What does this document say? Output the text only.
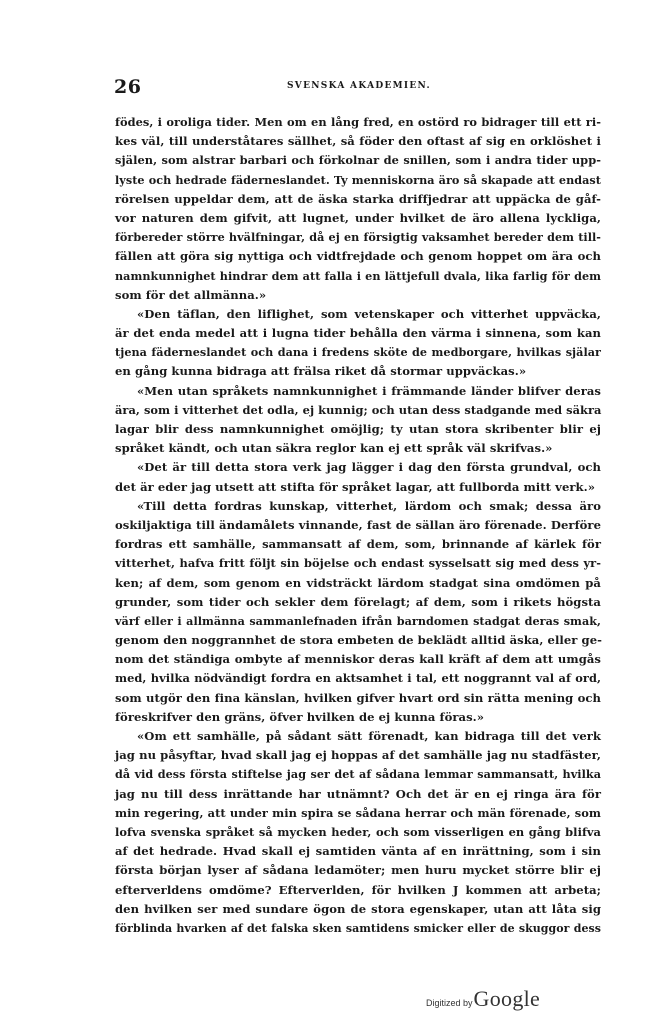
26	SVENSKA AKADEMIEN.
födes, i oroliga tider. Men om en lång fred, en ostörd ro bidrager till ett ri-
kes väl, till underståtares sällhet, så föder den oftast af sig en orklöshet i
själen, som alstrar barbari och förkolnar de snillen, som i andra tider upp-
lyste och hedrade fäderneslandet. Ty menniskorna äro så skapade att endast
rörelsen uppeldar dem, att de äska starka driffjedrar att uppäcka de gåf-
vor naturen dem gifvit, att lugnet, under hvilket de äro allena lyckliga,
förbereder större hvälfningar, då ej en försigtig vaksamhet bereder dem till-
fällen att göra sig nyttiga och vidtfrejdade och genom hoppet om ära och
namnkunnighet hindrar dem att falla i en lättjefull dvala, lika farlig för dem
som för det allmänna.»
«Den täflan, den liflighet, som vetenskaper och vitterhet uppväcka,
är det enda medel att i lugna tider behålla den värma i sinnena, som kan
tjena fäderneslandet och dana i fredens sköte de medborgare, hvilkas själar
en gång kunna bidraga att frälsa riket då stormar uppväckas.»
«Men utan språkets namnkunnighet i främmande länder blifver deras
ära, som i vitterhet det odla, ej kunnig; och utan dess stadgande med säkra
lagar blir dess namnkunnighet omöjlig; ty utan stora skribenter blir ej
språket kändt, och utan säkra reglor kan ej ett språk väl skrifvas.»
«Det är till detta stora verk jag lägger i dag den första grundval, och
det är eder jag utsett att stifta för språket lagar, att fullborda mitt verk.»
«Till detta fordras kunskap, vitterhet, lärdom och smak; dessa äro
oskiljaktiga till ändamålets vinnande, fast de sällan äro förenade. Derföre
fordras ett samhälle, sammansatt af dem, som, brinnande af kärlek för
vitterhet, hafva fritt följt sin böjelse och endast sysselsatt sig med dess yr-
ken; af dem, som genom en vidsträckt lärdom stadgat sina omdömen på
grunder, som tider och sekler dem förelagt; af dem, som i rikets högsta
värf eller i allmänna sammanlefnaden ifrån barndomen stadgat deras smak,
genom den noggrannhet de stora embeten de beklädt alltid äska, eller ge-
nom det ständiga ombyte af menniskor deras kall kräft af dem att umgås
med, hvilka nödvändigt fordra en aktsamhet i tal, ett noggrannt val af ord,
som utgör den fina känslan, hvilken gifver hvart ord sin rätta mening och
föreskrifver den gräns, öfver hvilken de ej kunna föras.»
«Om ett samhälle, på sådant sätt förenadt, kan bidraga till det verk
jag nu påsyftar, hvad skall jag ej hoppas af det samhälle jag nu stadfäster,
då vid dess första stiftelse jag ser det af sådana lemmar sammansatt, hvilka
jag nu till dess inrättande har utnämnt? Och det är en ej ringa ära för
min regering, att under min spira se sådana herrar och män förenade, som
lofva svenska språket så mycken heder, och som visserligen en gång blifva
af det hedrade. Hvad skall ej samtiden vänta af en inrättning, som i sin
första början lyser af sådana ledamöter; men huru mycket större blir ej
efterverldens omdöme? Efterverlden, för hvilken J kommen att arbeta;
den hvilken ser med sundare ögon de stora egenskaper, utan att låta sig
förblinda hvarken af det falska sken samtidens smicker eller de skuggor dess
Digitized by Google
